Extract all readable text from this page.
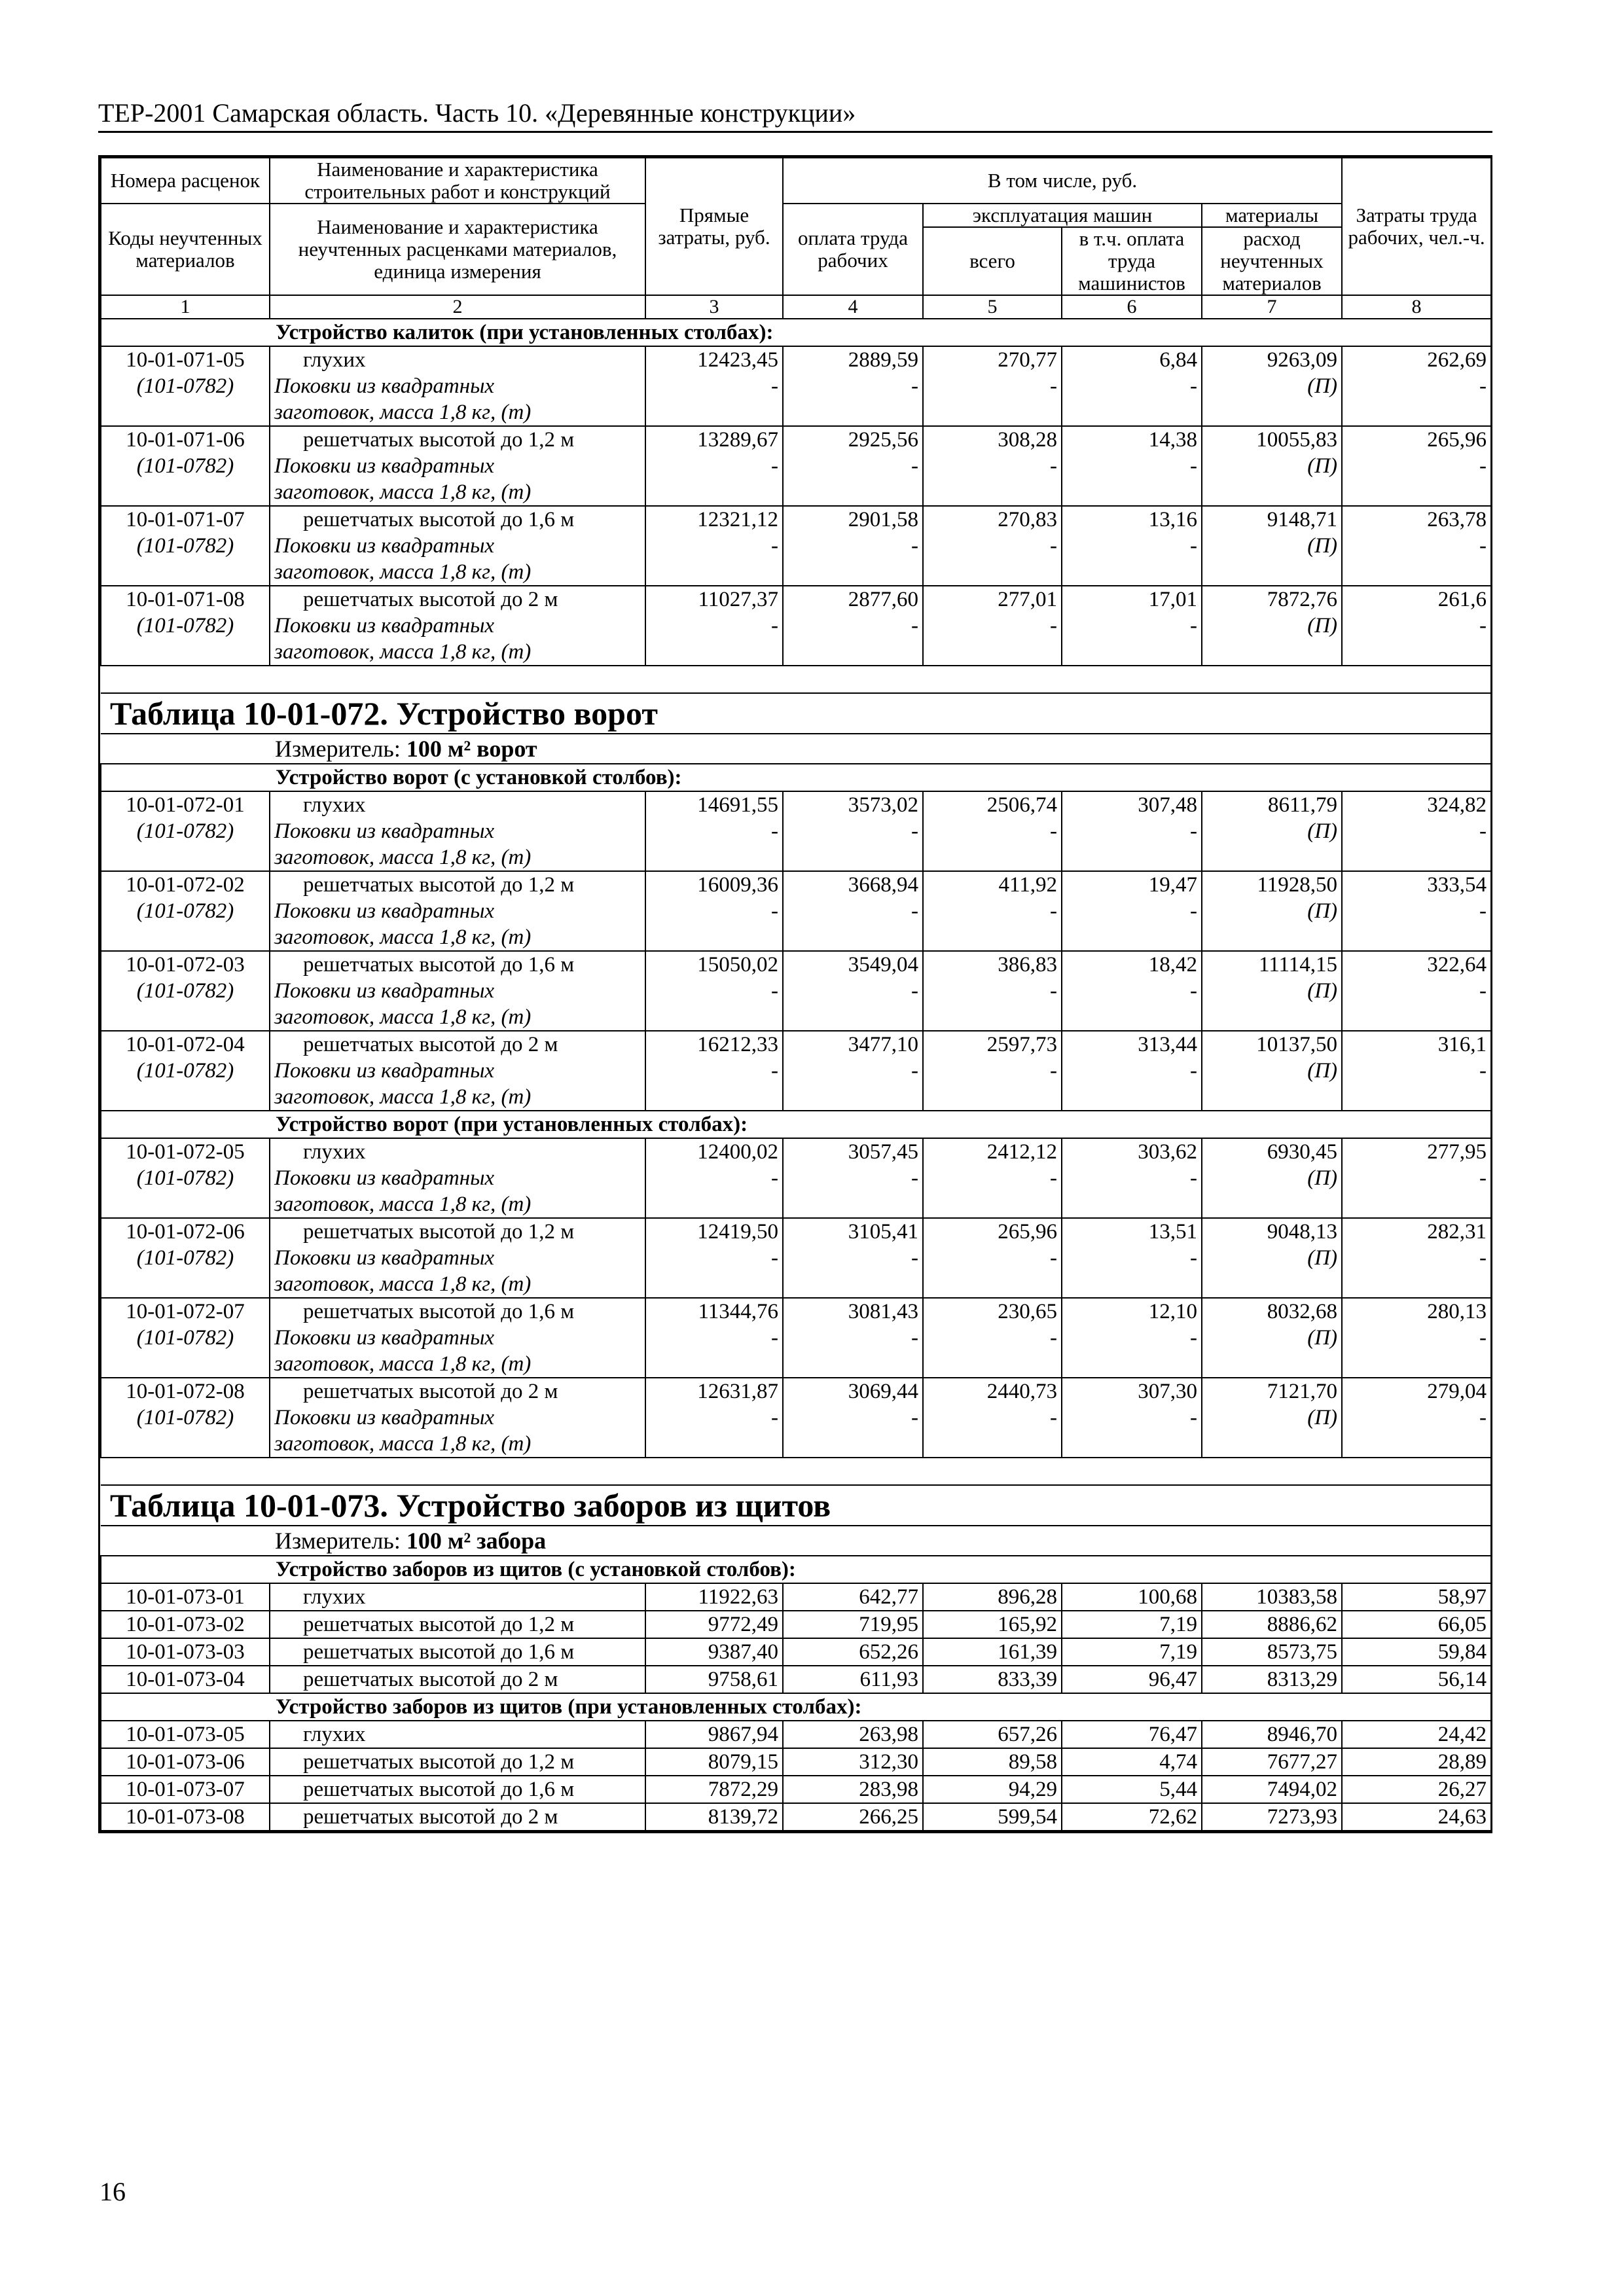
ТЕР-2001 Самарская область. Часть 10. «Деревянные конструкции»
Номера расценок	Наименование и характеристика строительных работ и конструкций	Прямые затраты, руб.	В том числе, руб.				Затраты труда рабочих, чел.-ч.
Коды неучтенных материалов	Наименование и характеристика неучтенных расценками материалов, единица измерения		оплата труда рабочих	эксплуатация машин		материалы	
				всего	в т.ч. оплата труда машинистов	расход неучтенных материалов	
1	2	3	4	5	6	7	8
Устройство калиток (при установленных столбах):							
10-01-071-05	глухих	12423,45	2889,59	270,77	6,84	9263,09	262,69
(101-0782)	Поковки из квадратных	-	-	-	-	(П)	-
	заготовок, масса 1,8 кг, (т)						
10-01-071-06	решетчатых высотой до 1,2 м	13289,67	2925,56	308,28	14,38	10055,83	265,96
(101-0782)	Поковки из квадратных	-	-	-	-	(П)	-
	заготовок, масса 1,8 кг, (т)						
10-01-071-07	решетчатых высотой до 1,6 м	12321,12	2901,58	270,83	13,16	9148,71	263,78
(101-0782)	Поковки из квадратных	-	-	-	-	(П)	-
	заготовок, масса 1,8 кг, (т)						
10-01-071-08	решетчатых высотой до 2 м	11027,37	2877,60	277,01	17,01	7872,76	261,6
(101-0782)	Поковки из квадратных	-	-	-	-	(П)	-
	заготовок, масса 1,8 кг, (т)						

Таблица 10-01-072. Устройство ворот							
Измеритель: 100 м² ворот							
Устройство ворот (с установкой столбов):							
10-01-072-01	глухих	14691,55	3573,02	2506,74	307,48	8611,79	324,82
(101-0782)	Поковки из квадратных	-	-	-	-	(П)	-
	заготовок, масса 1,8 кг, (т)						
10-01-072-02	решетчатых высотой до 1,2 м	16009,36	3668,94	411,92	19,47	11928,50	333,54
(101-0782)	Поковки из квадратных	-	-	-	-	(П)	-
	заготовок, масса 1,8 кг, (т)						
10-01-072-03	решетчатых высотой до 1,6 м	15050,02	3549,04	386,83	18,42	11114,15	322,64
(101-0782)	Поковки из квадратных	-	-	-	-	(П)	-
	заготовок, масса 1,8 кг, (т)						
10-01-072-04	решетчатых высотой до 2 м	16212,33	3477,10	2597,73	313,44	10137,50	316,1
(101-0782)	Поковки из квадратных	-	-	-	-	(П)	-
	заготовок, масса 1,8 кг, (т)						
Устройство ворот (при установленных столбах):							
10-01-072-05	глухих	12400,02	3057,45	2412,12	303,62	6930,45	277,95
(101-0782)	Поковки из квадратных	-	-	-	-	(П)	-
	заготовок, масса 1,8 кг, (т)						
10-01-072-06	решетчатых высотой до 1,2 м	12419,50	3105,41	265,96	13,51	9048,13	282,31
(101-0782)	Поковки из квадратных	-	-	-	-	(П)	-
	заготовок, масса 1,8 кг, (т)						
10-01-072-07	решетчатых высотой до 1,6 м	11344,76	3081,43	230,65	12,10	8032,68	280,13
(101-0782)	Поковки из квадратных	-	-	-	-	(П)	-
	заготовок, масса 1,8 кг, (т)						
10-01-072-08	решетчатых высотой до 2 м	12631,87	3069,44	2440,73	307,30	7121,70	279,04
(101-0782)	Поковки из квадратных	-	-	-	-	(П)	-
	заготовок, масса 1,8 кг, (т)						

Таблица 10-01-073. Устройство заборов из щитов							
Измеритель: 100 м² забора							
Устройство заборов из щитов (с установкой столбов):							
10-01-073-01	глухих	11922,63	642,77	896,28	100,68	10383,58	58,97
10-01-073-02	решетчатых высотой до 1,2 м	9772,49	719,95	165,92	7,19	8886,62	66,05
10-01-073-03	решетчатых высотой до 1,6 м	9387,40	652,26	161,39	7,19	8573,75	59,84
10-01-073-04	решетчатых высотой до 2 м	9758,61	611,93	833,39	96,47	8313,29	56,14
Устройство заборов из щитов (при установленных столбах):							
10-01-073-05	глухих	9867,94	263,98	657,26	76,47	8946,70	24,42
10-01-073-06	решетчатых высотой до 1,2 м	8079,15	312,30	89,58	4,74	7677,27	28,89
10-01-073-07	решетчатых высотой до 1,6 м	7872,29	283,98	94,29	5,44	7494,02	26,27
10-01-073-08	решетчатых высотой до 2 м	8139,72	266,25	599,54	72,62	7273,93	24,63
16
